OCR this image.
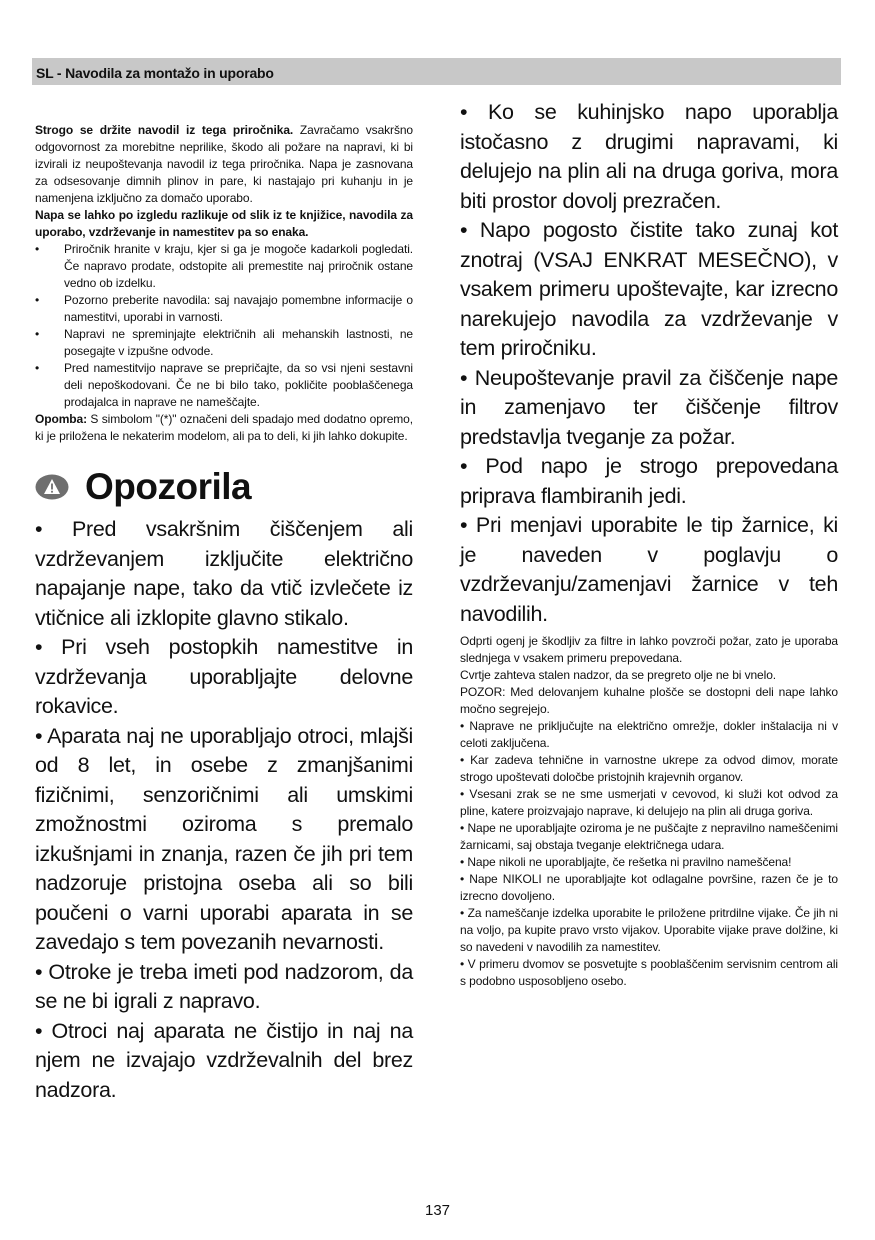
SL - Navodila za montažo in uporabo

Strogo se držite navodil iz tega priročnika. Zavračamo vsakršno odgovornost za morebitne neprilike, škodo ali požare na napravi, ki bi izvirali iz neupoštevanja navodil iz tega priročnika. Napa je zasnovana za odsesovanje dimnih plinov in pare, ki nastajajo pri kuhanju in je namenjena izključno za domačo uporabo.

Napa se lahko po izgledu razlikuje od slik iz te knjižice, navodila za uporabo, vzdrževanje in namestitev pa so enaka.

• Priročnik hranite v kraju, kjer si ga je mogoče kadarkoli pogledati. Če napravo prodate, odstopite ali premestite naj priročnik ostane vedno ob izdelku.
• Pozorno preberite navodila: saj navajajo pomembne informacije o namestitvi, uporabi in varnosti.
• Napravi ne spreminjajte električnih ali mehanskih lastnosti, ne posegajte v izpušne odvode.
• Pred namestitvijo naprave se prepričajte, da so vsi njeni sestavni deli nepoškodovani. Če ne bi bilo tako, pokličite pooblaščenega prodajalca in naprave ne nameščajte.

Opomba: S simbolom "(*)" označeni deli spadajo med dodatno opremo, ki je priložena le nekaterim modelom, ali pa to deli, ki jih lahko dokupite.

Opozorila

• Pred vsakršnim čiščenjem ali vzdrževanjem izključite električno napajanje nape, tako da vtič izvlečete iz vtičnice ali izklopite glavno stikalo.

• Pri vseh postopkih namestitve in vzdrževanja uporabljajte delovne rokavice.

• Aparata naj ne uporabljajo otroci, mlajši od 8 let, in osebe z zmanjšanimi fizičnimi, senzoričnimi ali umskimi zmožnostmi oziroma s premalo izkušnjami in znanja, razen če jih pri tem nadzoruje pristojna oseba ali so bili poučeni o varni uporabi aparata in se zavedajo s tem povezanih nevarnosti.

• Otroke je treba imeti pod nadzorom, da se ne bi igrali z napravo.

• Otroci naj aparata ne čistijo in naj na njem ne izvajajo vzdrževalnih del brez nadzora.

• Ko se kuhinjsko napo uporablja istočasno z drugimi napravami, ki delujejo na plin ali na druga goriva, mora biti prostor dovolj prezračen.

• Napo pogosto čistite tako zunaj kot znotraj (VSAJ ENKRAT MESEČNO), v vsakem primeru upoštevajte, kar izrecno narekujejo navodila za vzdrževanje v tem priročniku.

• Neupoštevanje pravil za čiščenje nape in zamenjavo ter čiščenje filtrov predstavlja tveganje za požar.

• Pod napo je strogo prepovedana priprava flambiranih jedi.

• Pri menjavi uporabite le tip žarnice, ki je naveden v poglavju o vzdrževanju/zamenjavi žarnice v teh navodilih.

Odprti ogenj je škodljiv za filtre in lahko povzroči požar, zato je uporaba slednjega v vsakem primeru prepovedana.

Cvrtje zahteva stalen nadzor, da se pregreto olje ne bi vnelo.

POZOR: Med delovanjem kuhalne plošče se dostopni deli nape lahko močno segrejejo.

• Naprave ne priključujte na električno omrežje, dokler inštalacija ni v celoti zaključena.

• Kar zadeva tehnične in varnostne ukrepe za odvod dimov, morate strogo upoštevati določbe pristojnih krajevnih organov.

• Vsesani zrak se ne sme usmerjati v cevovod, ki služi kot odvod za pline, katere proizvajajo naprave, ki delujejo na plin ali druga goriva.

• Nape ne uporabljajte oziroma je ne puščajte z nepravilno nameščenimi žarnicami, saj obstaja tveganje električnega udara.

• Nape nikoli ne uporabljajte, če rešetka ni pravilno nameščena!

• Nape NIKOLI ne uporabljajte kot odlagalne površine, razen če je to izrecno dovoljeno.

• Za nameščanje izdelka uporabite le priložene pritrdilne vijake. Če jih ni na voljo, pa kupite pravo vrsto vijakov. Uporabite vijake prave dolžine, ki so navedeni v navodilih za namestitev.

• V primeru dvomov se posvetujte s pooblaščenim servisnim centrom ali s podobno usposobljeno osebo.

137
